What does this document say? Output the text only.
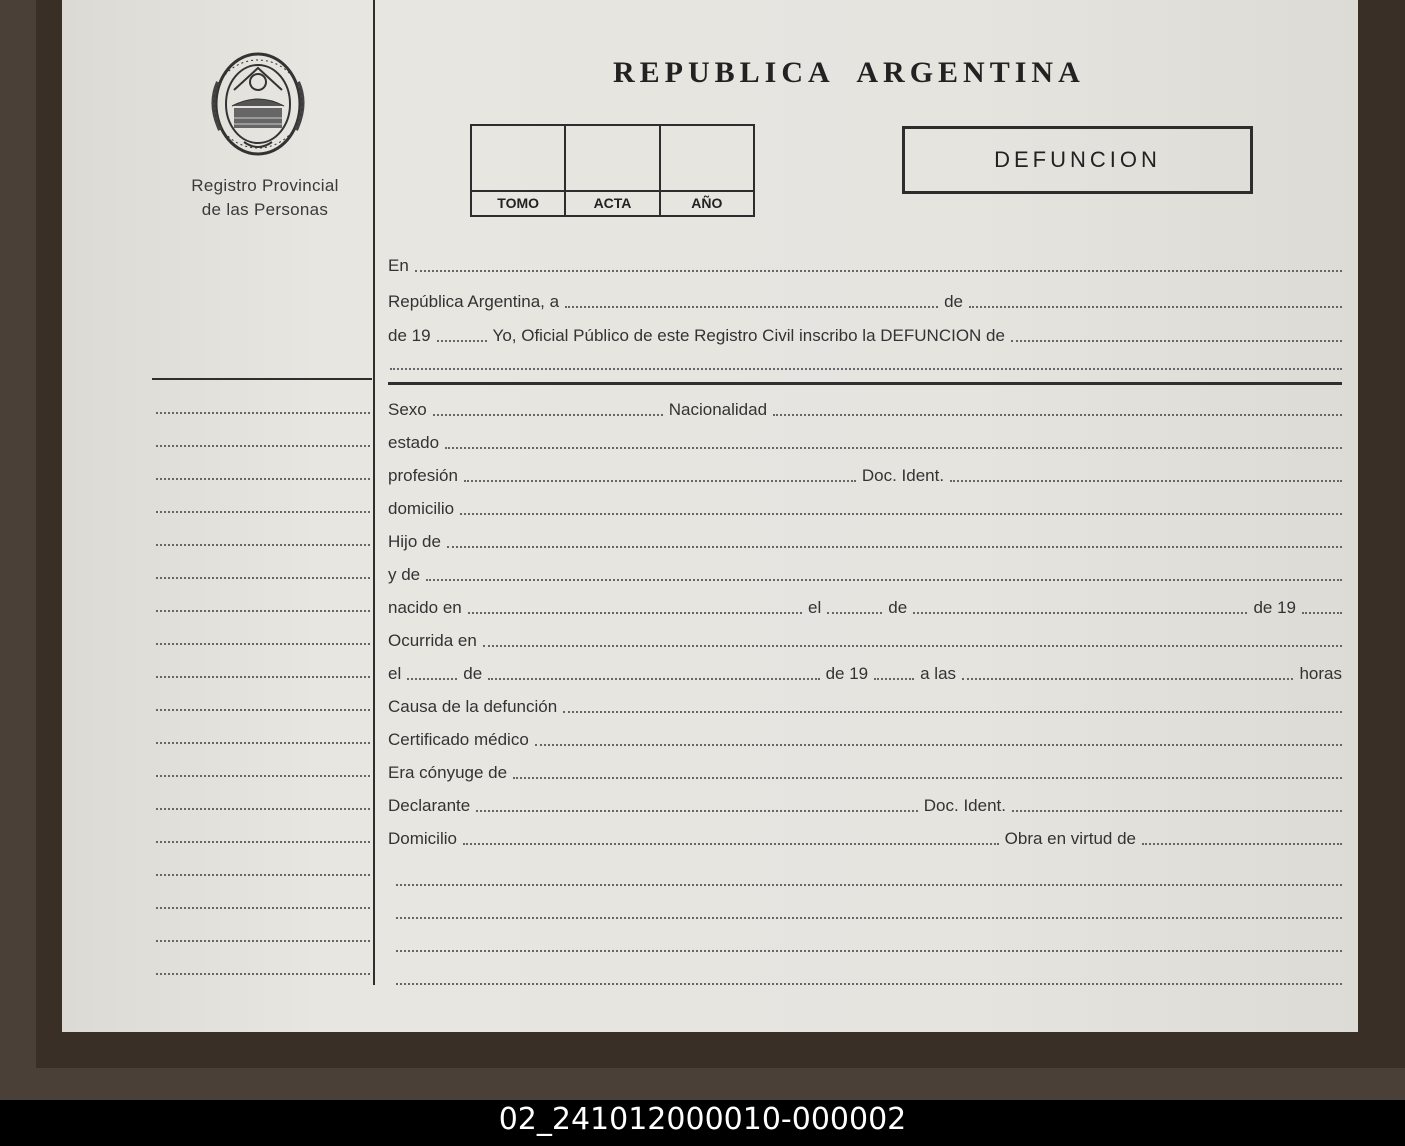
Registro Provincial
de las Personas
REPUBLICA  ARGENTINA
TOMO	ACTA	AÑO
DEFUNCION
En
República Argentina, a	de
de 19	Yo, Oficial Público de este Registro Civil inscribo la DEFUNCION de
Sexo	Nacionalidad
estado
profesión	Doc. Ident.
domicilio
Hijo de
y de
nacido en	el	de	de 19
Ocurrida en
el	de	de 19	a las	horas
Causa de la defunción
Certificado médico
Era cónyuge de
Declarante	Doc. Ident.
Domicilio	Obra en virtud de
02_241012000010-000002
